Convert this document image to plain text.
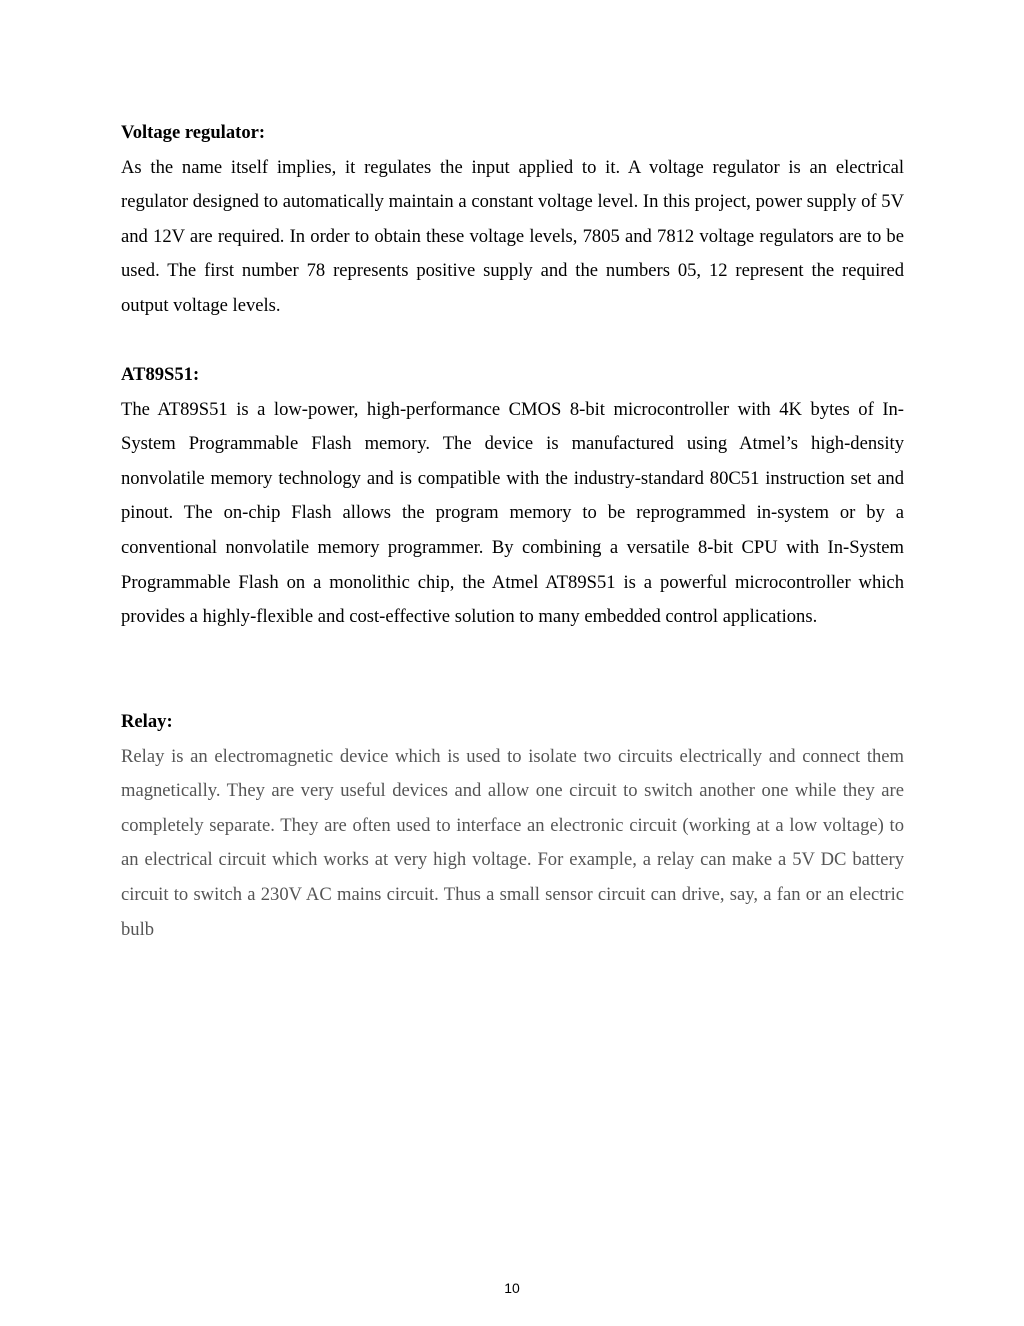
Voltage regulator:

As the name itself implies, it regulates the input applied to it. A voltage regulator is an electrical regulator designed to automatically maintain a constant voltage level. In this project, power supply of 5V and 12V are required. In order to obtain these voltage levels, 7805 and 7812 voltage regulators are to be used. The first number 78 represents positive supply and the numbers 05, 12 represent the required output voltage levels.

AT89S51:

The AT89S51 is a low-power, high-performance CMOS 8-bit microcontroller with 4K bytes of In-System Programmable Flash memory. The device is manufactured using Atmel’s high-density nonvolatile memory technology and is compatible with the industry-standard 80C51 instruction set and pinout. The on-chip Flash allows the program memory to be reprogrammed in-system or by a conventional nonvolatile memory programmer. By combining a versatile 8-bit CPU with In-System Programmable Flash on a monolithic chip, the Atmel AT89S51 is a powerful microcontroller which provides a highly-flexible and cost-effective solution to many embedded control applications.

Relay:

Relay is an electromagnetic device which is used to isolate two circuits electrically and connect them magnetically. They are very useful devices and allow one circuit to switch another one while they are completely separate. They are often used to interface an electronic circuit (working at a low voltage) to an electrical circuit which works at very high voltage. For example, a relay can make a 5V DC battery circuit to switch a 230V AC mains circuit. Thus a small sensor circuit can drive, say, a fan or an electric bulb

10
